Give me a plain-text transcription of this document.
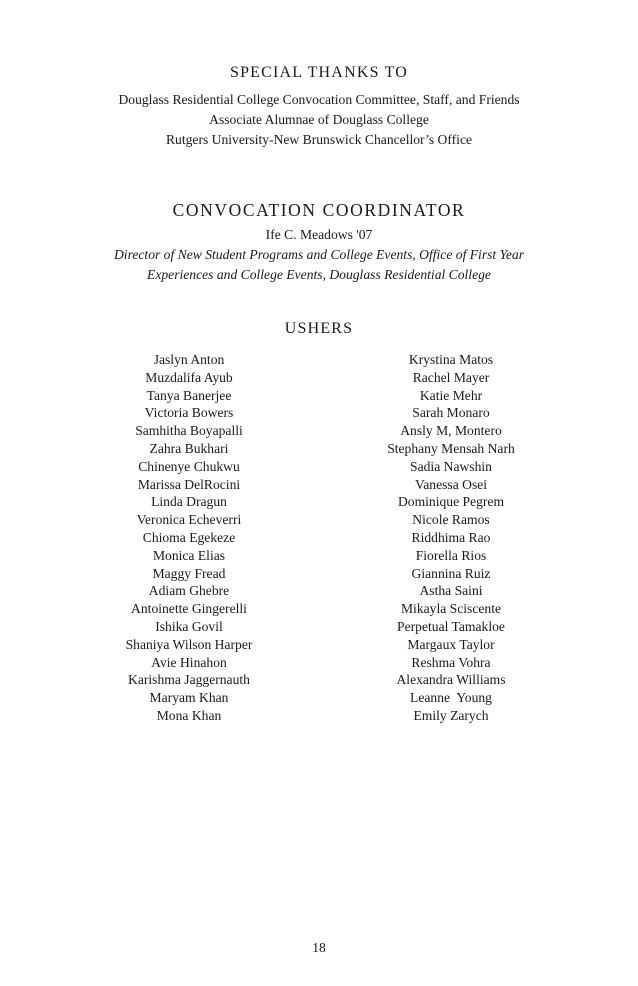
SPECIAL THANKS TO
Douglass Residential College Convocation Committee, Staff, and Friends
Associate Alumnae of Douglass College
Rutgers University-New Brunswick Chancellor’s Office
CONVOCATION COORDINATOR
Ife C. Meadows '07
Director of New Student Programs and College Events, Office of First Year
Experiences and College Events, Douglass Residential College
USHERS
Jaslyn Anton
Muzdalifa Ayub
Tanya Banerjee
Victoria Bowers
Samhitha Boyapalli
Zahra Bukhari
Chinenye Chukwu
Marissa DelRocini
Linda Dragun
Veronica Echeverri
Chioma Egekeze
Monica Elias
Maggy Fread
Adiam Ghebre
Antoinette Gingerelli
Ishika Govil
Shaniya Wilson Harper
Avie Hinahon
Karishma Jaggernauth
Maryam Khan
Mona Khan
Krystina Matos
Rachel Mayer
Katie Mehr
Sarah Monaro
Ansly M, Montero
Stephany Mensah Narh
Sadia Nawshin
Vanessa Osei
Dominique Pegrem
Nicole Ramos
Riddhima Rao
Fiorella Rios
Giannina Ruiz
Astha Saini
Mikayla Sciscente
Perpetual Tamakloe
Margaux Taylor
Reshma Vohra
Alexandra Williams
Leanne  Young
Emily Zarych
18
